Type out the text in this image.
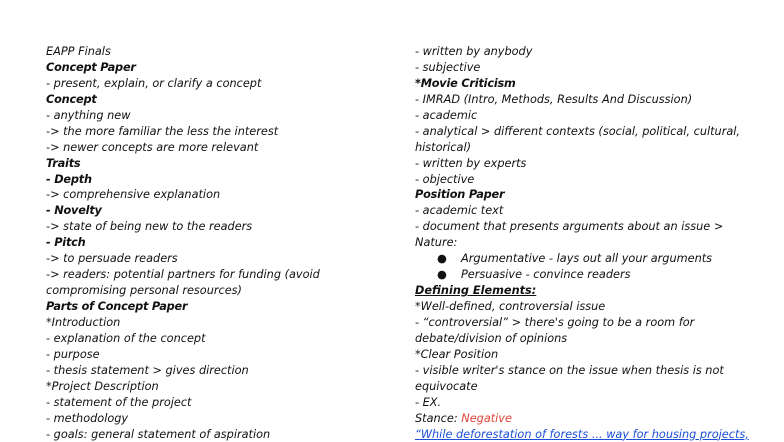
EAPP Finals
Concept Paper
- present, explain, or clarify a concept
Concept
- anything new
-> the more familiar the less the interest
-> newer concepts are more relevant
Traits
- Depth
-> comprehensive explanation
- Novelty
-> state of being new to the readers
- Pitch
-> to persuade readers
-> readers: potential partners for funding (avoid
compromising personal resources)
Parts of Concept Paper
*Introduction
- explanation of the concept
- purpose
- thesis statement > gives direction
*Project Description
- statement of the project
- methodology
- goals: general statement of aspiration
- written by anybody
- subjective
*Movie Criticism
- IMRAD (Intro, Methods, Results And Discussion)
- academic
- analytical > different contexts (social, political, cultural,
historical)
- written by experts
- objective
Position Paper
- academic text
- document that presents arguments about an issue >
Nature:
● Argumentative - lays out all your arguments
● Persuasive - convince readers
Defining Elements:
*Well-defined, controversial issue
- “controversial” > there's going to be a room for
debate/division of opinions
*Clear Position
- visible writer's stance on the issue when thesis is not
equivocate
- EX.
Stance: Negative
“While deforestation of forests ... way for housing projects,
